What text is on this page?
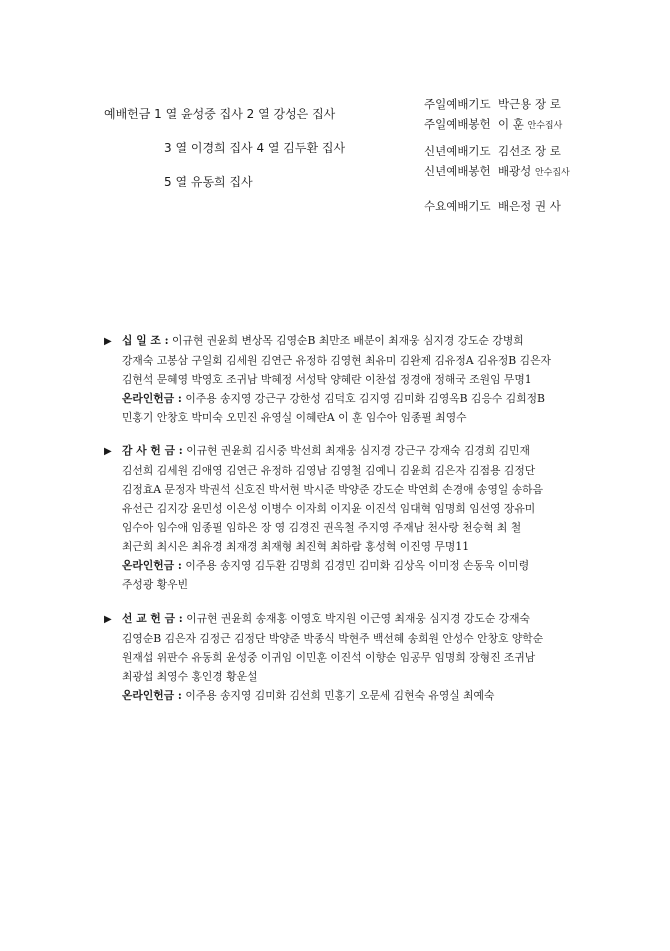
예배헌금 1 열 윤성중 집사 2 열 강성은 집사
3 열 이경희 집사 4 열 김두환 집사
5 열 유동희 집사
주일예배기도 박근용 장 로
주일예배봉헌 이 훈 안수집사
신년예배기도 김선조 장 로
신년예배봉헌 배광성 안수집사
수요예배기도 배은정 권 사
▶ 십 일 조 : 이규현 권윤희 변상목 김영순B 최만조 배분이 최재웅 심지경 강도순 강병희
강재숙 고봉삼 구일회 김세원 김연근 유정하 김영현 최유미 김완제 김유정A 김유정B 김은자
김현석 문혜영 박영호 조귀남 박혜정 서성탁 양혜란 이찬섭 정경애 정해국 조원임 무명1
온라인헌금 : 이주용 송지영 강근구 강한성 김덕호 김지영 김미화 김영옥B 김응수 김희정B
민홍기 안창호 박미숙 오민진 유영실 이혜란A 이 훈 임수아 임종필 최영수
▶ 감 사 헌 금 : 이규현 권윤희 김시중 박선희 최재웅 심지경 강근구 강재숙 김경희 김민재
김선희 김세원 김애영 김연근 유정하 김영남 김영철 김예니 김윤희 김은자 김점용 김정단
김정효A 문정자 박권석 신호진 박서현 박시준 박양준 강도순 박연희 손경애 송영일 송하음
유선근 김지강 윤민성 이은성 이병수 이자희 이지윤 이진석 임대혁 임명희 임선영 장유미
임수아 임수애 임종필 임하은 장 영 김경진 권옥철 주지영 주재남 천사랑 천승혁 최 철
최근희 최시은 최유경 최재경 최재형 최진혁 최하람 홍성혁 이진영 무명11
온라인헌금 : 이주용 송지영 김두환 김명희 김경민 김미화 김상옥 이미정 손동욱 이미령
주성광 황우빈
▶ 선 교 헌 금 : 이규현 권윤희 송재홍 이영호 박지원 이근영 최재웅 심지경 강도순 강재숙
김영순B 김은자 김정근 김정단 박양준 박종식 박현주 백선혜 송희원 안성수 안창호 양학순
원재섭 위판수 유동희 윤성중 이귀임 이민훈 이진석 이향순 임공무 임명희 장형진 조귀남
최광섭 최영수 홍인경 황운설
온라인헌금 : 이주용 송지영 김미화 김선희 민홍기 오문세 김현숙 유영실 최예숙
